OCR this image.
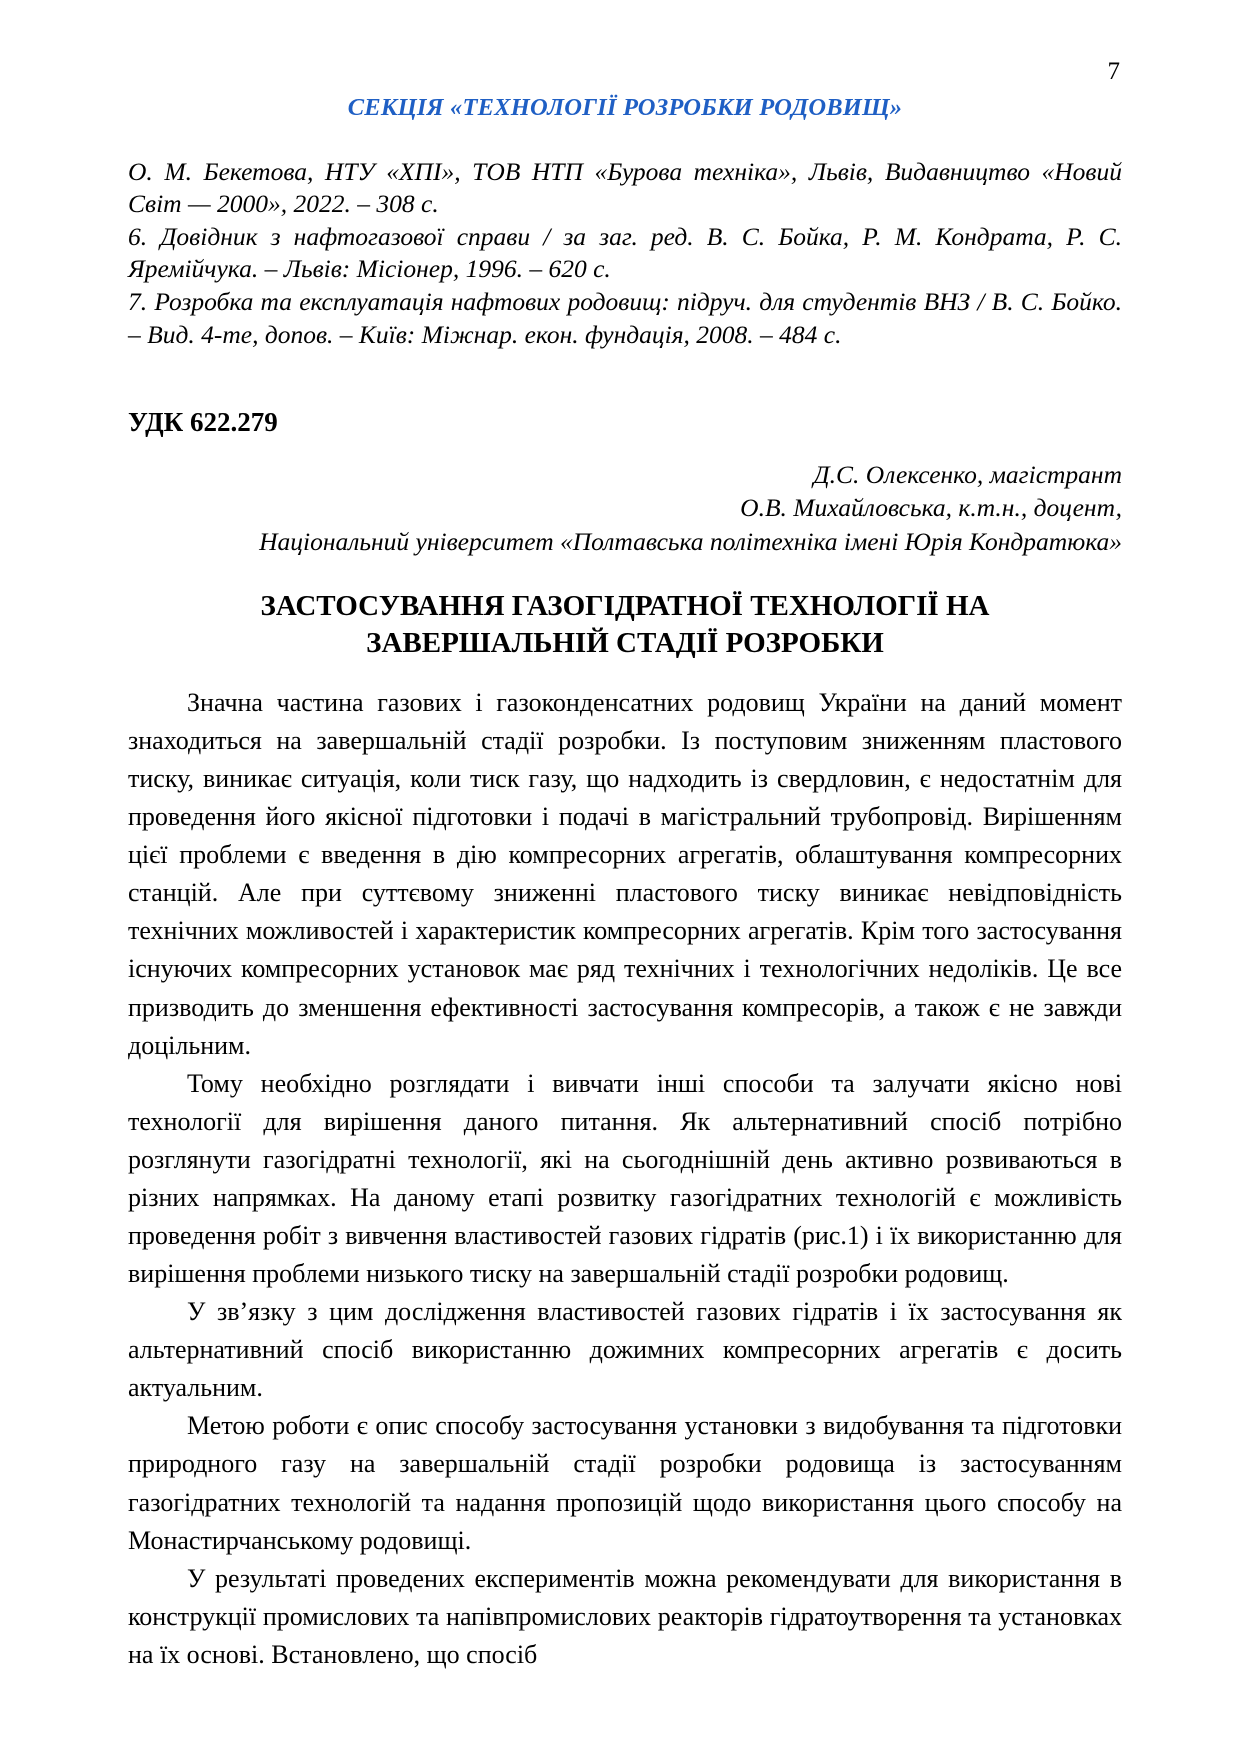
7
СЕКЦІЯ «ТЕХНОЛОГІЇ РОЗРОБКИ РОДОВИЩ»

О. М. Бекетова, НТУ «ХПІ», ТОВ НТП «Бурова техніка», Львів, Видавництво «Новий Світ — 2000», 2022. – 308 с.

6. Довідник з нафтогазової справи / за заг. ред. В. С. Бойка, Р. М. Кондрата, Р. С. Яремійчука. – Львів: Місіонер, 1996. – 620 с.

7. Розробка та експлуатація нафтових родовищ: підруч. для студентів ВНЗ / В. С. Бойко. – Вид. 4-те, допов. – Київ: Міжнар. екон. фундація, 2008. – 484 с.

УДК 622.279
Д.С. Олексенко, магістрант
О.В. Михайловська, к.т.н., доцент,
Національний університет «Полтавська політехніка імені Юрія Кондратюка»
ЗАСТОСУВАННЯ ГАЗОГІДРАТНОЇ ТЕХНОЛОГІЇ НА
ЗАВЕРШАЛЬНІЙ СТАДІЇ РОЗРОБКИ

Значна частина газових і газоконденсатних родовищ України на даний момент знаходиться на завершальній стадії розробки. Із поступовим зниженням пластового тиску, виникає ситуація, коли тиск газу, що надходить із свердловин, є недостатнім для проведення його якісної підготовки і подачі в магістральний трубопровід. Вирішенням цієї проблеми є введення в дію компресорних агрегатів, облаштування компресорних станцій. Але при суттєвому зниженні пластового тиску виникає невідповідність технічних можливостей і характеристик компресорних агрегатів. Крім того застосування існуючих компресорних установок має ряд технічних і технологічних недоліків. Це все призводить до зменшення ефективності застосування компресорів, а також є не завжди доцільним.

Тому необхідно розглядати і вивчати інші способи та залучати якісно нові технології для вирішення даного питання. Як альтернативний спосіб потрібно розглянути газогідратні технології, які на сьогоднішній день активно розвиваються в різних напрямках. На даному етапі розвитку газогідратних технологій є можливість проведення робіт з вивчення властивостей газових гідратів (рис.1) і їх використанню для вирішення проблеми низького тиску на завершальній стадії розробки родовищ.

У зв’язку з цим дослідження властивостей газових гідратів і їх застосування як альтернативний спосіб використанню дожимних компресорних агрегатів є досить актуальним.

Метою роботи є опис способу застосування установки з видобування та підготовки природного газу на завершальній стадії розробки родовища із застосуванням газогідратних технологій та надання пропозицій щодо використання цього способу на Монастирчанському родовищі.

У результаті проведених експериментів можна рекомендувати для використання в конструкції промислових та напівпромислових реакторів гідратоутворення та установках на їх основі. Встановлено, що спосіб
